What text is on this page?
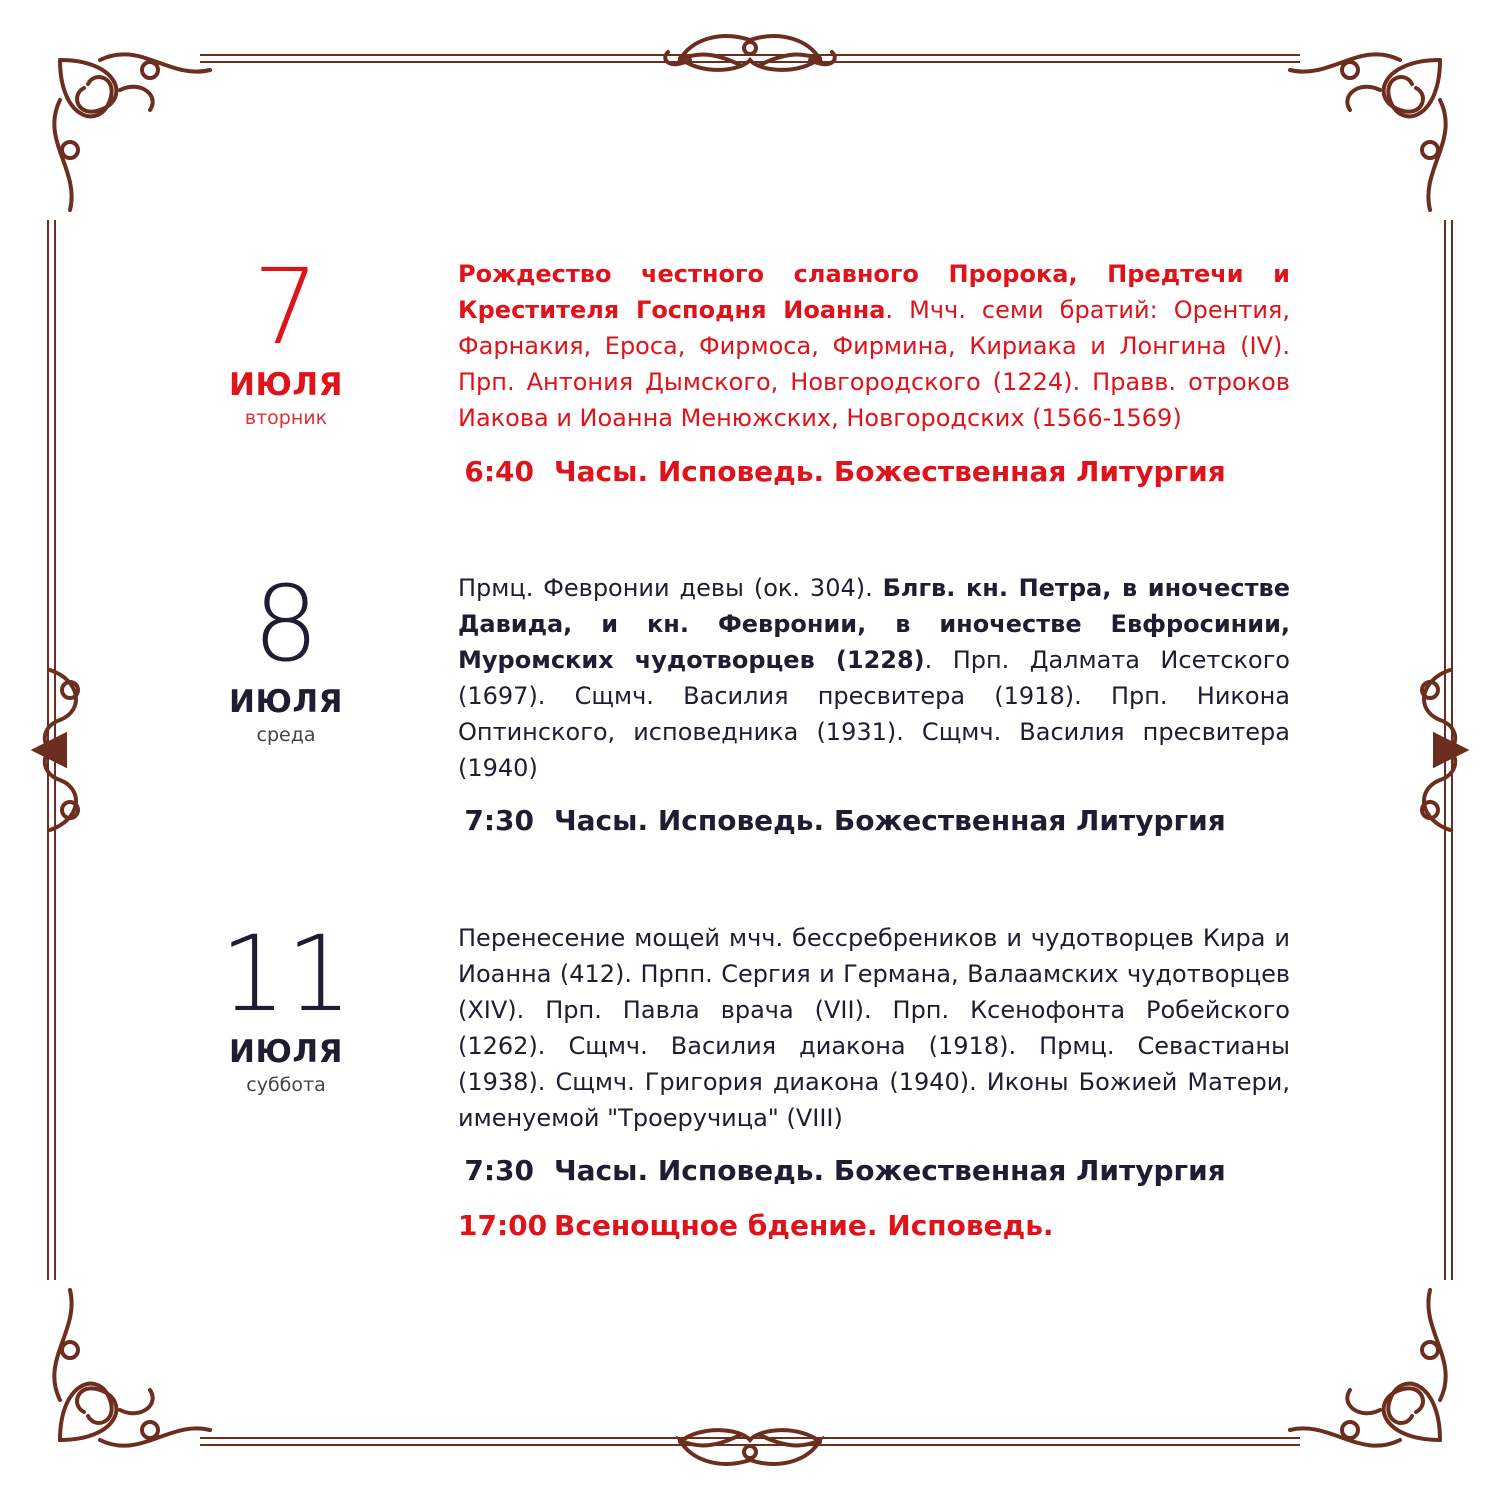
7
ИЮЛЯ
вторник
Рождество честного славного Пророка, Предтечи и Крестителя Господня Иоанна. Мчч. семи братий: Орентия, Фарнакия, Ероса, Фирмоса, Фирмина, Кириака и Лонгина (IV). Прп. Антония Дымского, Новгородского (1224). Правв. отроков Иакова и Иоанна Менюжских, Новгородских (1566-1569)
6:40 Часы. Исповедь. Божественная Литургия
8
ИЮЛЯ
среда
Прмц. Февронии девы (ок. 304). Блгв. кн. Петра, в иночестве Давида, и кн. Февронии, в иночестве Евфросинии, Муромских чудотворцев (1228). Прп. Далмата Исетского (1697). Сщмч. Василия пресвитера (1918). Прп. Никона Оптинского, исповедника (1931). Сщмч. Василия пресвитера (1940)
7:30 Часы. Исповедь. Божественная Литургия
11
ИЮЛЯ
суббота
Перенесение мощей мчч. бессребреников и чудотворцев Кира и Иоанна (412). Прпп. Сергия и Германа, Валаамских чудотворцев (XIV). Прп. Павла врача (VII). Прп. Ксенофонта Робейского (1262). Сщмч. Василия диакона (1918). Прмц. Севастианы (1938). Сщмч. Григория диакона (1940). Иконы Божией Матери, именуемой "Троеручица" (VIII)
7:30 Часы. Исповедь. Божественная Литургия
17:00 Всенощное бдение. Исповедь.
